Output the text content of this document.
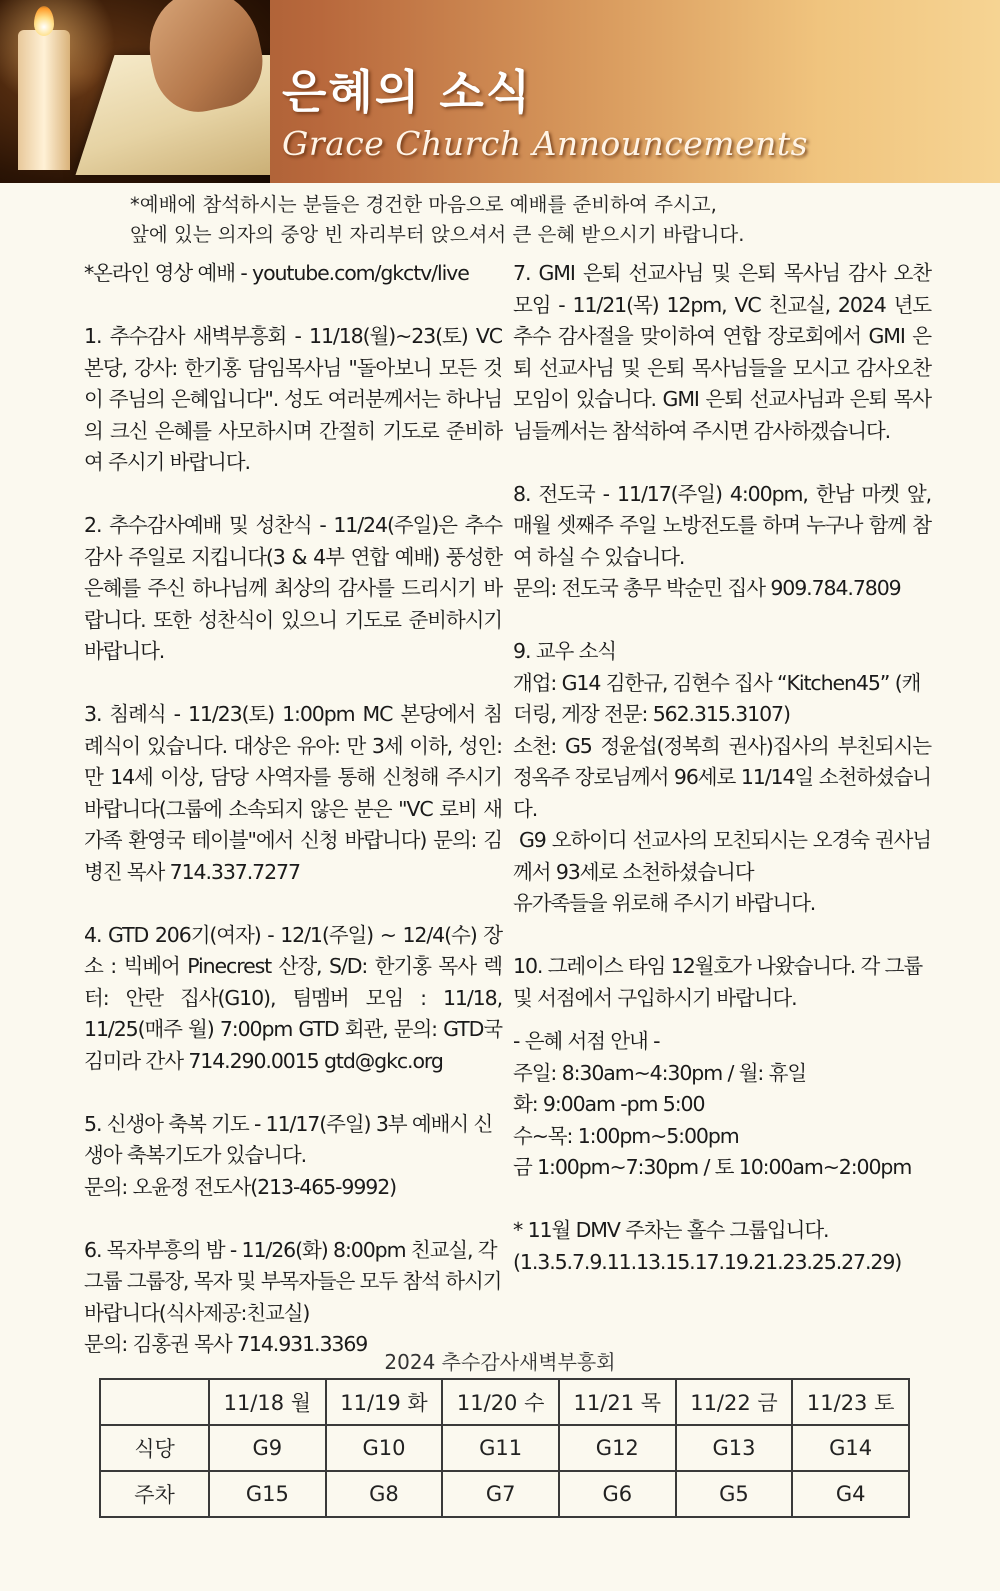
은혜의 소식
Grace Church Announcements
*예배에 참석하시는 분들은 경건한 마음으로 예배를 준비하여 주시고,
앞에 있는 의자의 중앙 빈 자리부터 앉으셔서 큰 은혜 받으시기 바랍니다.

*온라인 영상 예배 - youtube.com/gkctv/live

1. 추수감사 새벽부흥회 - 11/18(월)~23(토) VC 본당, 강사: 한기홍 담임목사님 "돌아보니 모든 것이 주님의 은혜입니다". 성도 여러분께서는 하나님의 크신 은혜를 사모하시며 간절히 기도로 준비하여 주시기 바랍니다.

2. 추수감사예배 및 성찬식 - 11/24(주일)은 추수감사 주일로 지킵니다(3 & 4부 연합 예배) 풍성한 은혜를 주신 하나님께 최상의 감사를 드리시기 바랍니다. 또한 성찬식이 있으니 기도로 준비하시기 바랍니다.

3. 침례식 - 11/23(토) 1:00pm MC 본당에서 침례식이 있습니다. 대상은 유아: 만 3세 이하, 성인: 만 14세 이상, 담당 사역자를 통해 신청해 주시기 바랍니다(그룹에 소속되지 않은 분은 "VC 로비 새가족 환영국 테이블"에서 신청 바랍니다) 문의: 김병진 목사 714.337.7277

4. GTD 206기(여자) - 12/1(주일) ~ 12/4(수) 장소 : 빅베어 Pinecrest 산장, S/D: 한기홍 목사 렉터: 안란 집사(G10), 팀멤버 모임 : 11/18, 11/25(매주 월) 7:00pm GTD 회관, 문의: GTD국 김미라 간사 714.290.0015 gtd@gkc.org

5. 신생아 축복 기도 - 11/17(주일) 3부 예배시 신생아 축복기도가 있습니다.

문의: 오윤정 전도사(213-465-9992)

6. 목자부흥의 밤 - 11/26(화) 8:00pm 친교실, 각 그룹 그룹장, 목자 및 부목자들은 모두 참석 하시기 바랍니다(식사제공:친교실)

문의: 김홍권 목사 714.931.3369

7. GMI 은퇴 선교사님 및 은퇴 목사님 감사 오찬 모임 - 11/21(목) 12pm, VC 친교실, 2024 년도 추수 감사절을 맞이하여 연합 장로회에서 GMI 은퇴 선교사님 및 은퇴 목사님들을 모시고 감사오찬 모임이 있습니다. GMI 은퇴 선교사님과 은퇴 목사님들께서는 참석하여 주시면 감사하겠습니다.

8. 전도국 - 11/17(주일) 4:00pm, 한남 마켓 앞, 매월 셋째주 주일 노방전도를 하며 누구나 함께 참여 하실 수 있습니다.

문의: 전도국 총무 박순민 집사 909.784.7809

9. 교우 소식

개업: G14 김한규, 김현수 집사 “Kitchen45” (캐더링, 게장 전문: 562.315.3107)

소천: G5 정윤섭(정복희 권사)집사의 부친되시는 정옥주 장로님께서 96세로 11/14일 소천하셨습니다.

G9 오하이디 선교사의 모친되시는 오경숙 권사님께서 93세로 소천하셨습니다

유가족들을 위로해 주시기 바랍니다.

10. 그레이스 타임 12월호가 나왔습니다. 각 그룹 및 서점에서 구입하시기 바랍니다.

- 은혜 서점 안내 -

주일: 8:30am~4:30pm / 월: 휴일

화: 9:00am -pm 5:00

수~목: 1:00pm~5:00pm

금 1:00pm~7:30pm / 토 10:00am~2:00pm

* 11월 DMV 주차는 홀수 그룹입니다.

(1.3.5.7.9.11.13.15.17.19.21.23.25.27.29)

2024 추수감사새벽부흥회
	11/18 월	11/19 화	11/20 수	11/21 목	11/22 금	11/23 토
식당	G9	G10	G11	G12	G13	G14
주차	G15	G8	G7	G6	G5	G4
